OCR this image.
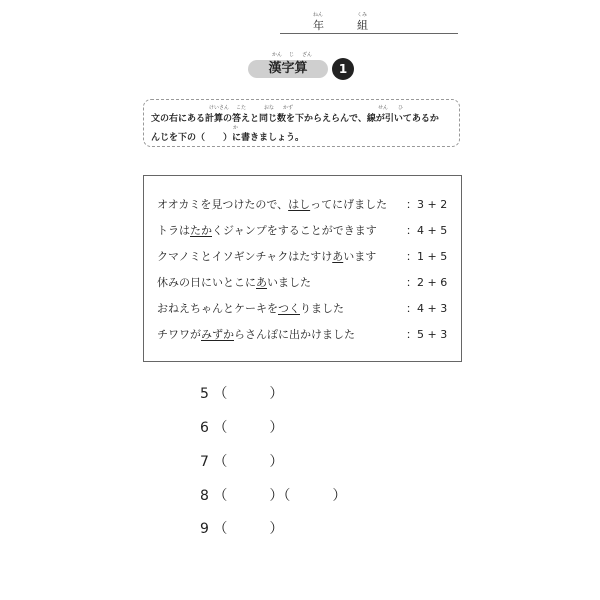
ねん
年
くみ
組
かん じ ざん
漢字算	1
けいさん こた	おな かず	せん ひ
か
文の右にある計算の答えと同じ数を下からえらんで、線が引いてあるか
んじを下の（　　）に書きましょう。
オオカミを見つけたので、はしってにげました ：3 + 2
トラはたかくジャンプをすることができます	：4 + 5
クマノミとイソギンチャクはたすけあいます	：1 + 5
休みの日にいとこにあいました	：2 + 6
おねえちゃんとケーキをつくりました	：4 + 3
チワワがみずからさんぽに出かけました	：5 + 3
5 （　　　）
6 （　　　）
7 （　　　）
8 （　　　）（　　　）
9 （　　　）
